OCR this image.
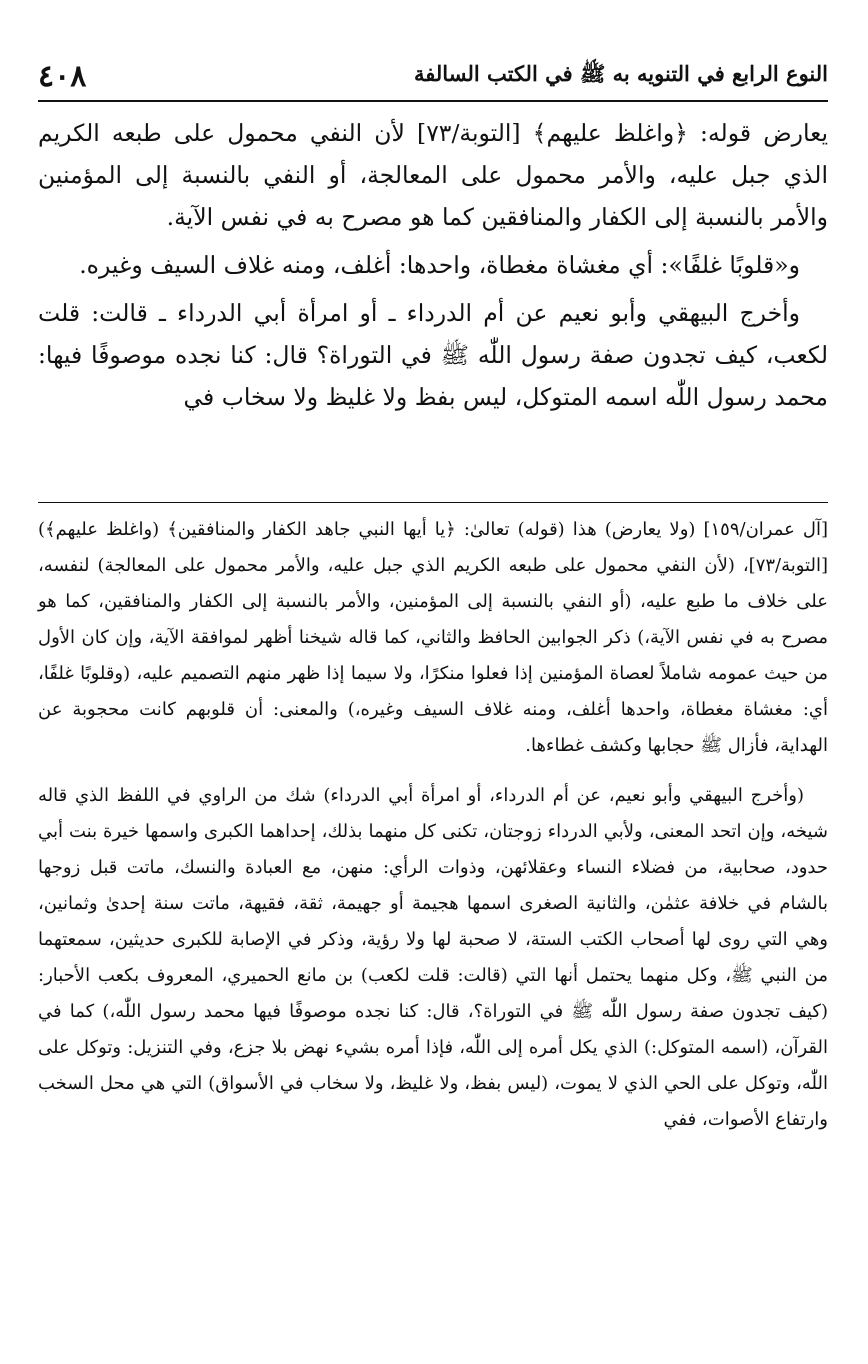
النوع الرابع في التنويه به ﷺ في الكتب السالفة
٤٠٨

يعارض قوله: ﴿واغلظ عليهم﴾ [التوبة/٧٣] لأن النفي محمول على طبعه الكريم الذي جبل عليه، والأمر محمول على المعالجة، أو النفي بالنسبة إلى المؤمنين والأمر بالنسبة إلى الكفار والمنافقين كما هو مصرح به في نفس الآية.

و«قلوبًا غلفًا»: أي مغشاة مغطاة، واحدها: أغلف، ومنه غلاف السيف وغيره.

وأخرج البيهقي وأبو نعيم عن أم الدرداء ـ أو امرأة أبي الدرداء ـ قالت: قلت لكعب، كيف تجدون صفة رسول اللّٰه ﷺ في التوراة؟ قال: كنا نجده موصوفًا فيها: محمد رسول اللّٰه اسمه المتوكل، ليس بفظ ولا غليظ ولا سخاب في

[آل عمران/١٥٩] (ولا يعارض) هذا (قوله) تعالىٰ: ﴿يا أيها النبي جاهد الكفار والمنافقين﴾ (واغلظ عليهم﴾) [التوبة/٧٣]، (لأن النفي محمول على طبعه الكريم الذي جبل عليه، والأمر محمول على المعالجة) لنفسه، على خلاف ما طبع عليه، (أو النفي بالنسبة إلى المؤمنين، والأمر بالنسبة إلى الكفار والمنافقين، كما هو مصرح به في نفس الآية،) ذكر الجوابين الحافظ والثاني، كما قاله شيخنا أظهر لموافقة الآية، وإن كان الأول من حيث عمومه شاملاً لعصاة المؤمنين إذا فعلوا منكرًا، ولا سيما إذا ظهر منهم التصميم عليه، (وقلوبًا غلفًا، أي: مغشاة مغطاة، واحدها أغلف، ومنه غلاف السيف وغيره،) والمعنى: أن قلوبهم كانت محجوبة عن الهداية، فأزال ﷺ حجابها وكشف غطاءها.

(وأخرج البيهقي وأبو نعيم، عن أم الدرداء، أو امرأة أبي الدرداء) شك من الراوي في اللفظ الذي قاله شيخه، وإن اتحد المعنى، ولأبي الدرداء زوجتان، تكنى كل منهما بذلك، إحداهما الكبرى واسمها خيرة بنت أبي حدود، صحابية، من فضلاء النساء وعقلائهن، وذوات الرأي: منهن، مع العبادة والنسك، ماتت قبل زوجها بالشام في خلافة عثمٰن، والثانية الصغرى اسمها هجيمة أو جهيمة، ثقة، فقيهة، ماتت سنة إحدىٰ وثمانين، وهي التي روى لها أصحاب الكتب الستة، لا صحبة لها ولا رؤية، وذكر في الإصابة للكبرى حديثين، سمعتهما من النبي ﷺ، وكل منهما يحتمل أنها التي (قالت: قلت لكعب) بن مانع الحميري، المعروف بكعب الأحبار: (كيف تجدون صفة رسول اللّٰه ﷺ في التوراة؟، قال: كنا نجده موصوفًا فيها محمد رسول اللّٰه،) كما في القرآن، (اسمه المتوكل:) الذي يكل أمره إلى اللّٰه، فإذا أمره بشيء نهض بلا جزع، وفي التنزيل: وتوكل على اللّٰه، وتوكل على الحي الذي لا يموت، (ليس بفظ، ولا غليظ، ولا سخاب في الأسواق) التي هي محل السخب وارتفاع الأصوات، ففي
